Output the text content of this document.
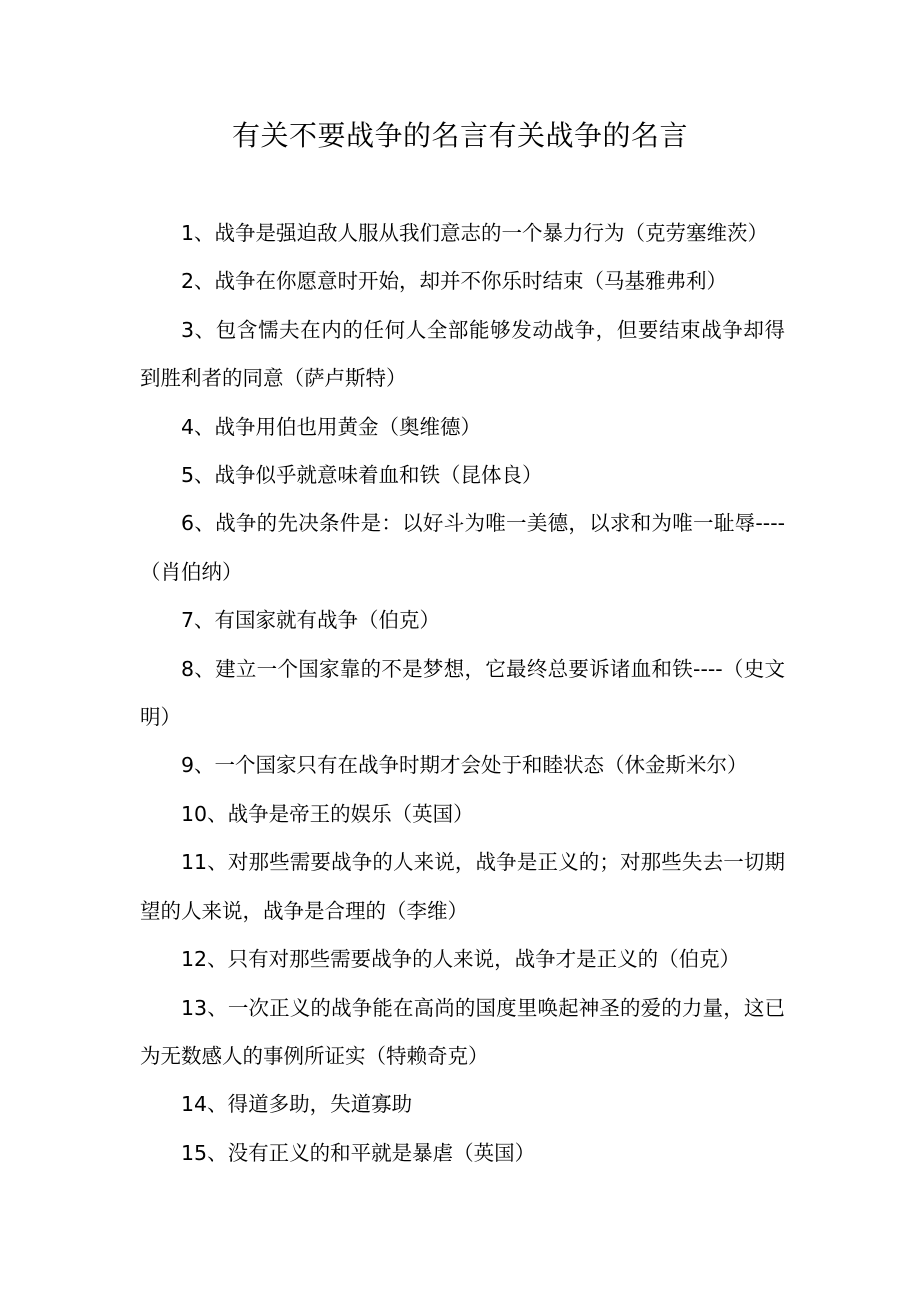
有关不要战争的名言有关战争的名言
1、战争是强迫敌人服从我们意志的一个暴力行为（克劳塞维茨）
2、战争在你愿意时开始，却并不你乐时结束（马基雅弗利）
3、包含懦夫在内的任何人全部能够发动战争，但要结束战争却得到胜利者的同意（萨卢斯特）
4、战争用伯也用黄金（奥维德）
5、战争似乎就意味着血和铁（昆体良）
6、战争的先决条件是：以好斗为唯一美德，以求和为唯一耻辱----（肖伯纳）
7、有国家就有战争（伯克）
8、建立一个国家靠的不是梦想，它最终总要诉诸血和铁----（史文明）
9、一个国家只有在战争时期才会处于和睦状态（休金斯米尔）
10、战争是帝王的娱乐（英国）
11、对那些需要战争的人来说，战争是正义的；对那些失去一切期望的人来说，战争是合理的（李维）
12、只有对那些需要战争的人来说，战争才是正义的（伯克）
13、一次正义的战争能在高尚的国度里唤起神圣的爱的力量，这已为无数感人的事例所证实（特赖奇克）
14、得道多助，失道寡助
15、没有正义的和平就是暴虐（英国）
